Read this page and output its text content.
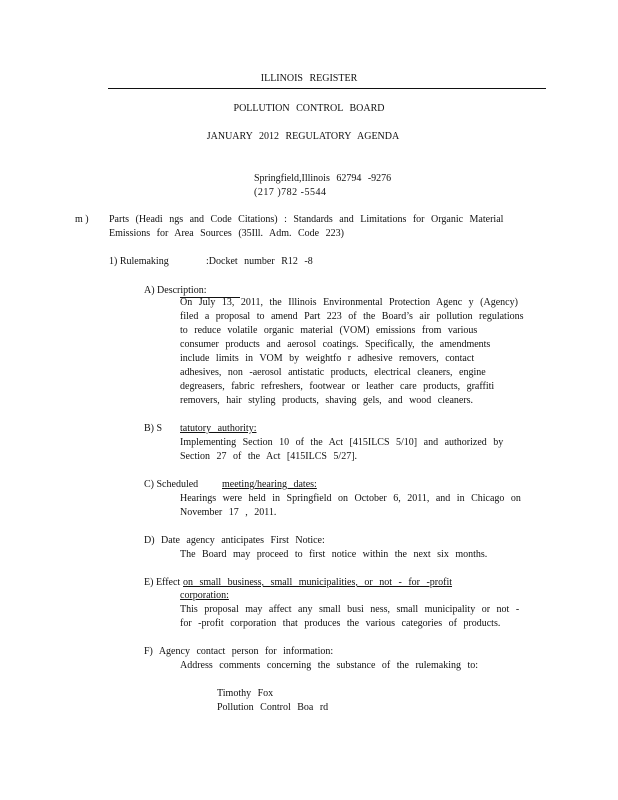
ILLINOIS REGISTER
POLLUTION CONTROL BOARD
JANUARY 2012 REGULATORY AGENDA
Springfield,Illinois 62794 -9276
(217 )782 -5544
m ) Parts (Headi ngs and Code Citations) : Standards and Limitations for Organic Material
Emissions for Area Sources (35Ill. Adm. Code 223)
1) Rulemaking	:Docket number R12 -8
A) Description:
On July 13, 2011, the Illinois Environmental Protection Agenc y (Agency)
filed a proposal to amend Part 223 of the Board’s air pollution regulations
to reduce volatile organic material (VOM) emissions from various
consumer products and aerosol coatings. Specifically, the amendments
include limits in VOM by weightfo r adhesive removers, contact
adhesives, non -aerosol antistatic products, electrical cleaners, engine
degreasers, fabric refreshers, footwear or leather care products, graffiti
removers, hair styling products, shaving gels, and wood cleaners.
B) S tatutory authority:
Implementing Section 10 of the Act [415ILCS 5/10] and authorized by
Section 27 of the Act [415ILCS 5/27].
C) Scheduled meeting/hearing dates:
Hearings were held in Springfield on October 6, 2011, and in Chicago on
November 17 , 2011.
D) Date agency anticipates First Notice:
The Board may proceed to first notice within the next six months.
E) Effect on small business, small municipalities, or not - for -profit
corporation:
This proposal may affect any small busi ness, small municipality or not -
for -profit corporation that produces the various categories of products.
F) Agency contact person for information:
Address comments concerning the substance of the rulemaking to:
Timothy Fox
Pollution Control Boa rd
